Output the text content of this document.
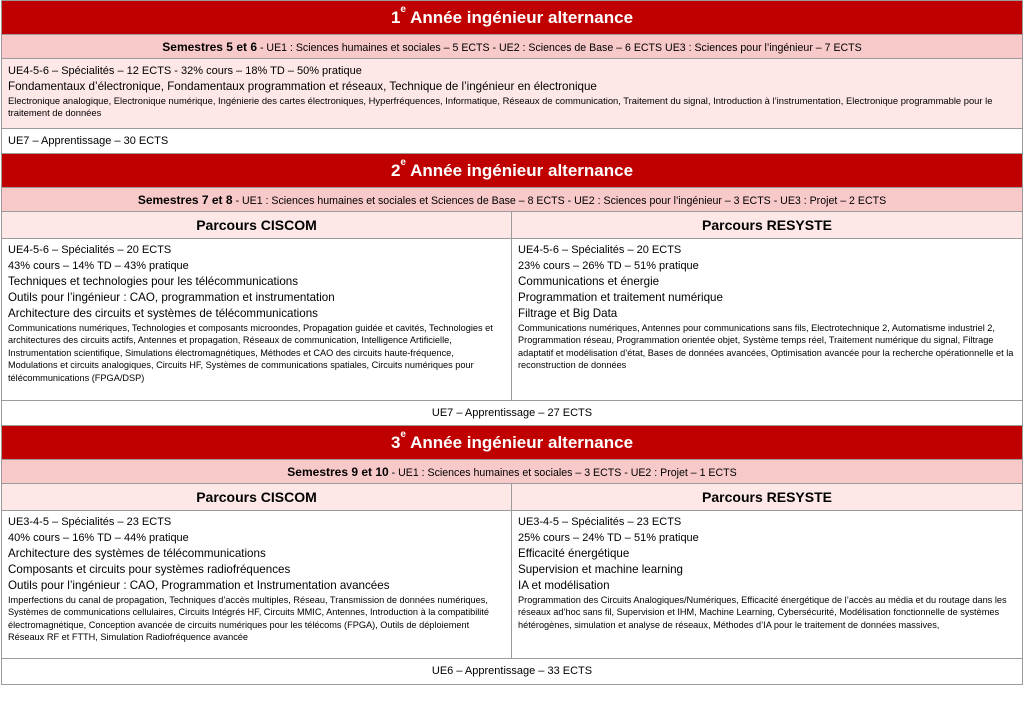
1e Année ingénieur alternance
Semestres 5 et 6 - UE1 : Sciences humaines et sociales – 5 ECTS - UE2 : Sciences de Base – 6 ECTS UE3 : Sciences pour l’ingénieur – 7 ECTS
UE4-5-6 – Spécialités – 12 ECTS - 32% cours – 18% TD – 50% pratique
Fondamentaux d’électronique, Fondamentaux programmation et réseaux, Technique de l’ingénieur en électronique
Electronique analogique, Electronique numérique, Ingénierie des cartes électroniques, Hyperfréquences, Informatique, Réseaux de communication, Traitement du signal, Introduction à l’instrumentation, Electronique programmable pour le traitement de données
UE7 – Apprentissage – 30 ECTS
2e Année ingénieur alternance
Semestres 7 et 8 - UE1 : Sciences humaines et sociales et Sciences de Base – 8 ECTS - UE2 : Sciences pour l’ingénieur – 3 ECTS - UE3 : Projet – 2 ECTS
Parcours CISCOM
UE4-5-6 – Spécialités – 20 ECTS
43% cours – 14% TD – 43% pratique
Techniques et technologies pour les télécommunications
Outils pour l’ingénieur : CAO, programmation et instrumentation
Architecture des circuits et systèmes de télécommunications
Communications numériques, Technologies et composants microondes, Propagation guidée et cavités, Technologies et architectures des circuits actifs, Antennes et propagation, Réseaux de communication, Intelligence Artificielle, Instrumentation scientifique, Simulations électromagnétiques, Méthodes et CAO des circuits haute-fréquence, Modulations et circuits analogiques, Circuits HF, Systèmes de communications spatiales, Circuits numériques pour télécommunications (FPGA/DSP)
Parcours RESYSTE
UE4-5-6 – Spécialités – 20 ECTS
23% cours – 26% TD – 51% pratique
Communications et énergie
Programmation et traitement numérique
Filtrage et Big Data
Communications numériques, Antennes pour communications sans fils, Electrotechnique 2, Automatisme industriel 2, Programmation réseau, Programmation orientée objet, Système temps réel, Traitement numérique du signal, Filtrage adaptatif et modélisation d’état, Bases de données avancées, Optimisation avancée pour la recherche opérationnelle et la reconstruction de données
UE7 – Apprentissage – 27 ECTS
3e Année ingénieur alternance
Semestres 9 et 10 - UE1 : Sciences humaines et sociales – 3 ECTS - UE2 : Projet – 1 ECTS
Parcours CISCOM
UE3-4-5 – Spécialités – 23 ECTS
40% cours – 16% TD – 44% pratique
Architecture des systèmes de télécommunications
Composants et circuits pour systèmes radiofréquences
Outils pour l’ingénieur : CAO, Programmation et Instrumentation avancées
Imperfections du canal de propagation, Techniques d’accès multiples, Réseau, Transmission de données numériques, Systèmes de communications cellulaires, Circuits Intégrés HF, Circuits MMIC, Antennes, Introduction à la compatibilité électromagnétique, Conception avancée de circuits numériques pour les télécoms (FPGA), Outils de déploiement Réseaux RF et FTTH, Simulation Radiofréquence avancée
Parcours RESYSTE
UE3-4-5 – Spécialités – 23 ECTS
25% cours – 24% TD – 51% pratique
Efficacité énergétique
Supervision et machine learning
IA et modélisation
Programmation des Circuits Analogiques/Numériques, Efficacité énergétique de l’accès au média et du routage dans les réseaux ad’hoc sans fil, Supervision et IHM, Machine Learning, Cybersécurité, Modélisation fonctionnelle de systèmes hétérogènes, simulation et analyse de réseaux, Méthodes d’IA pour le traitement de données massives,
UE6 – Apprentissage – 33 ECTS
